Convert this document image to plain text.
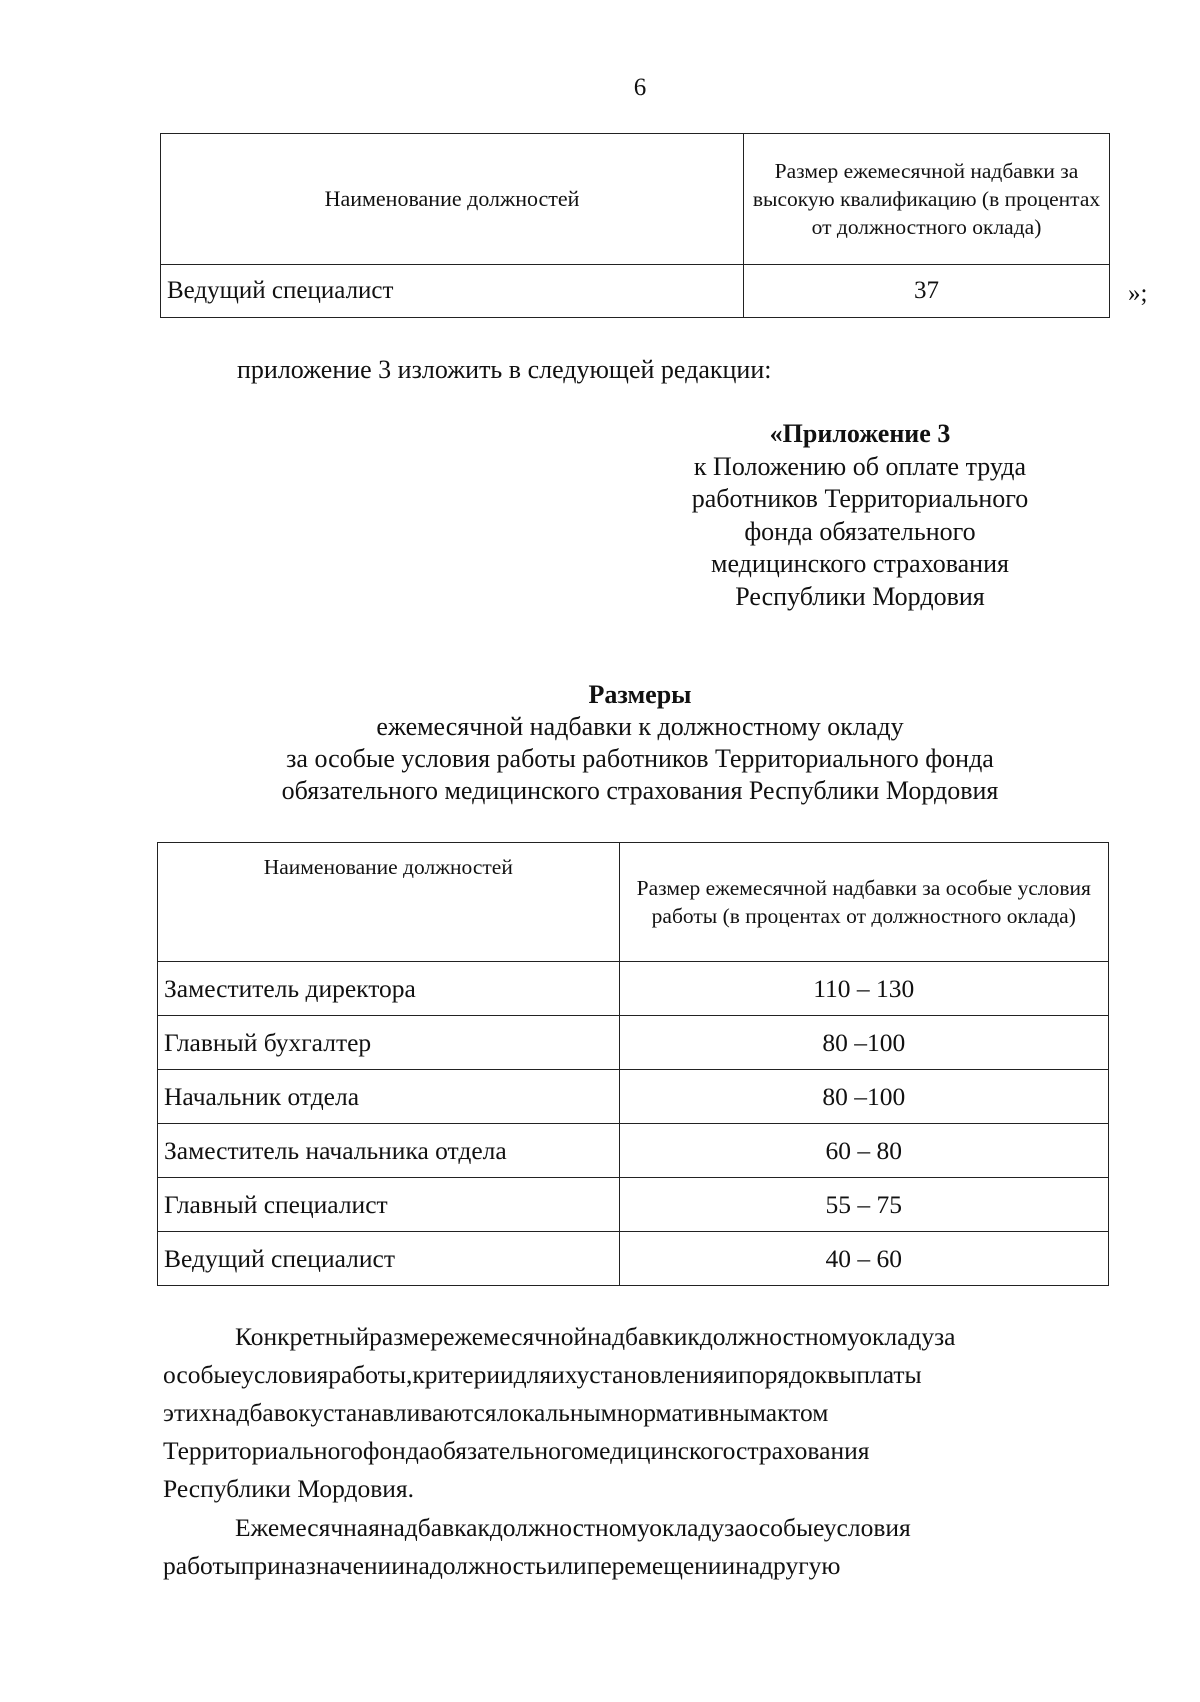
6
Наименование должностей	Размер ежемесячной надбавки за высокую квалификацию (в процентах от должностного оклада)
Ведущий специалист	37	»;
приложение 3 изложить в следующей редакции:
«Приложение 3
к Положению об оплате труда
работников Территориального
фонда обязательного
медицинского страхования
Республики Мордовия
Размеры
ежемесячной надбавки к должностному окладу
за особые условия работы работников Территориального фонда
обязательного медицинского страхования Республики Мордовия
Наименование должностей	Размер ежемесячной надбавки за особые условия работы (в процентах от должностного оклада)
Заместитель директора	110 – 130
Главный бухгалтер	80 –100
Начальник отдела	80 –100
Заместитель начальника отдела	60 – 80
Главный специалист	55 – 75
Ведущий специалист	40 – 60
Конкретныйразмережемесячнойнадбавкикдолжностномуокладуза
особыеусловияработы,критериидляихустановленияипорядоквыплаты
этихнадбавокустанавливаютсялокальнымнормативнымактом
Территориальногофондаобязательногомедицинскогострахования
Республики Мордовия.
Ежемесячнаянадбавкакдолжностномуокладузаособыеусловия
работыприназначениинадолжностьилиперемещениинадругую
